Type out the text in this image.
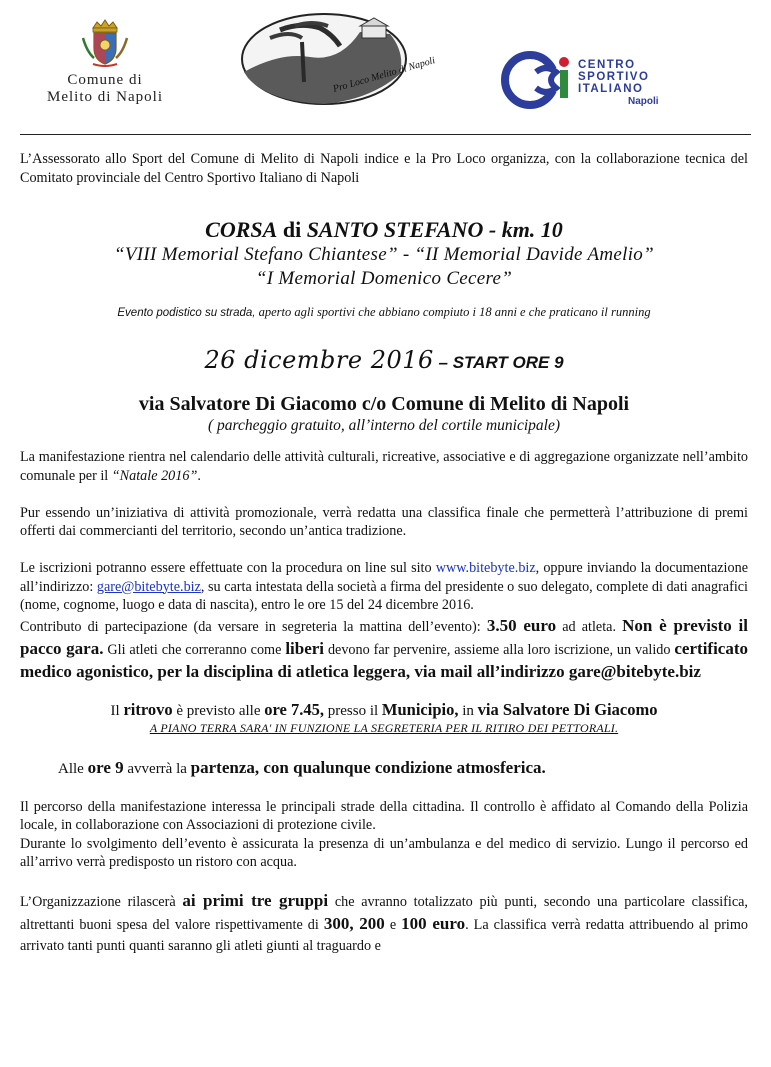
Comune di
Melito di Napoli
Pro Loco Melito di Napoli	CENTRO
SPORTIVO
ITALIANO
Napoli

L’Assessorato allo Sport del Comune di Melito di Napoli indice e la Pro Loco organizza, con la collaborazione tecnica del Comitato provinciale del Centro Sportivo Italiano di Napoli

CORSA di SANTO STEFANO - km. 10
“VIII Memorial Stefano Chiantese” - “II Memorial Davide Amelio”
“I Memorial Domenico Cecere”
Evento podistico su strada, aperto agli sportivi che abbiano compiuto i 18 anni e che praticano il running
26 dicembre 2016 – START ORE 9
via Salvatore Di Giacomo c/o Comune di Melito di Napoli
( parcheggio gratuito, all’interno del cortile municipale)

La manifestazione rientra nel calendario delle attività culturali, ricreative, associative e di aggregazione organizzate nell’ambito comunale per il “Natale 2016”.

Pur essendo un’iniziativa di attività promozionale, verrà redatta una classifica finale che permetterà l’attribuzione di premi offerti dai commercianti del territorio, secondo un’antica tradizione.

Le iscrizioni potranno essere effettuate con la procedura on line sul sito www.bitebyte.biz, oppure inviando la documentazione all’indirizzo: gare@bitebyte.biz, su carta intestata della società a firma del presidente o suo delegato, complete di dati anagrafici (nome, cognome, luogo e data di nascita), entro le ore 15 del 24 dicembre 2016.

Contributo di partecipazione (da versare in segreteria la mattina dell’evento): 3.50 euro ad atleta. Non è previsto il pacco gara. Gli atleti che correranno come liberi devono far pervenire, assieme alla loro iscrizione, un valido certificato medico agonistico, per la disciplina di atletica leggera, via mail all’indirizzo gare@bitebyte.biz

Il ritrovo è previsto alle ore 7.45, presso il Municipio, in via Salvatore Di Giacomo
A PIANO TERRA SARA' IN FUNZIONE LA SEGRETERIA PER IL RITIRO DEI PETTORALI.
Alle ore 9 avverrà la partenza, con qualunque condizione atmosferica.

Il percorso della manifestazione interessa le principali strade della cittadina. Il controllo è affidato al Comando della Polizia locale, in collaborazione con Associazioni di protezione civile.

Durante lo svolgimento dell’evento è assicurata la presenza di un’ambulanza e del medico di servizio. Lungo il percorso ed all’arrivo verrà predisposto un ristoro con acqua.

L’Organizzazione rilascerà ai primi tre gruppi che avranno totalizzato più punti, secondo una particolare classifica, altrettanti buoni spesa del valore rispettivamente di 300, 200 e 100 euro. La classifica verrà redatta attribuendo al primo arrivato tanti punti quanti saranno gli atleti giunti al traguardo e
